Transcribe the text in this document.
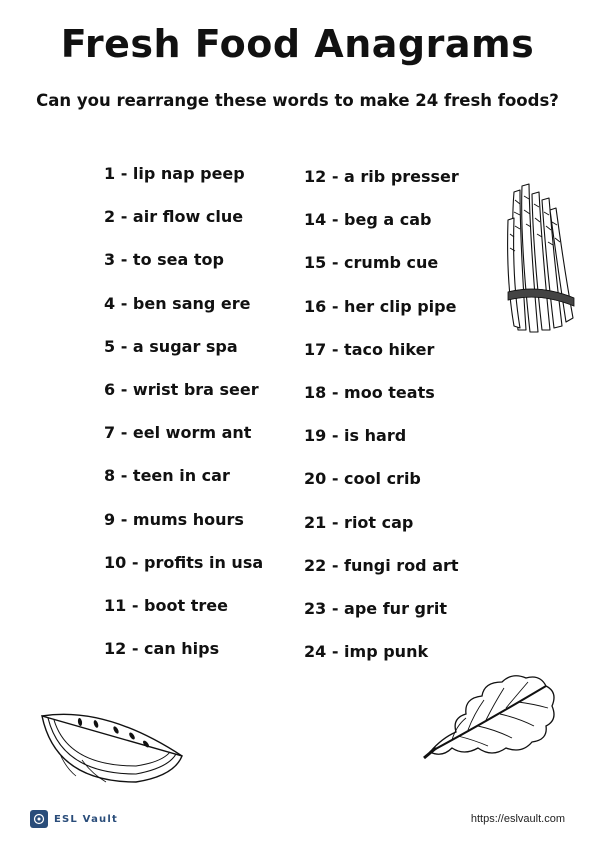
Fresh Food Anagrams
Can you rearrange these words to make 24 fresh foods?
1 - lip nap peep
2 - air flow clue
3 - to sea top
4 - ben sang ere
5 - a sugar spa
6 - wrist bra seer
7 - eel worm ant
8 - teen in car
9 - mums hours
10 - profits in usa
11 - boot tree
12 - can hips
12 - a rib presser
14 - beg a cab
15 - crumb cue
16 - her clip pipe
17 - taco hiker
18 - moo teats
19 - is hard
20 - cool crib
21 - riot cap
22 - fungi rod art
23 - ape fur grit
24 - imp punk
ESL Vault	https://eslvault.com
